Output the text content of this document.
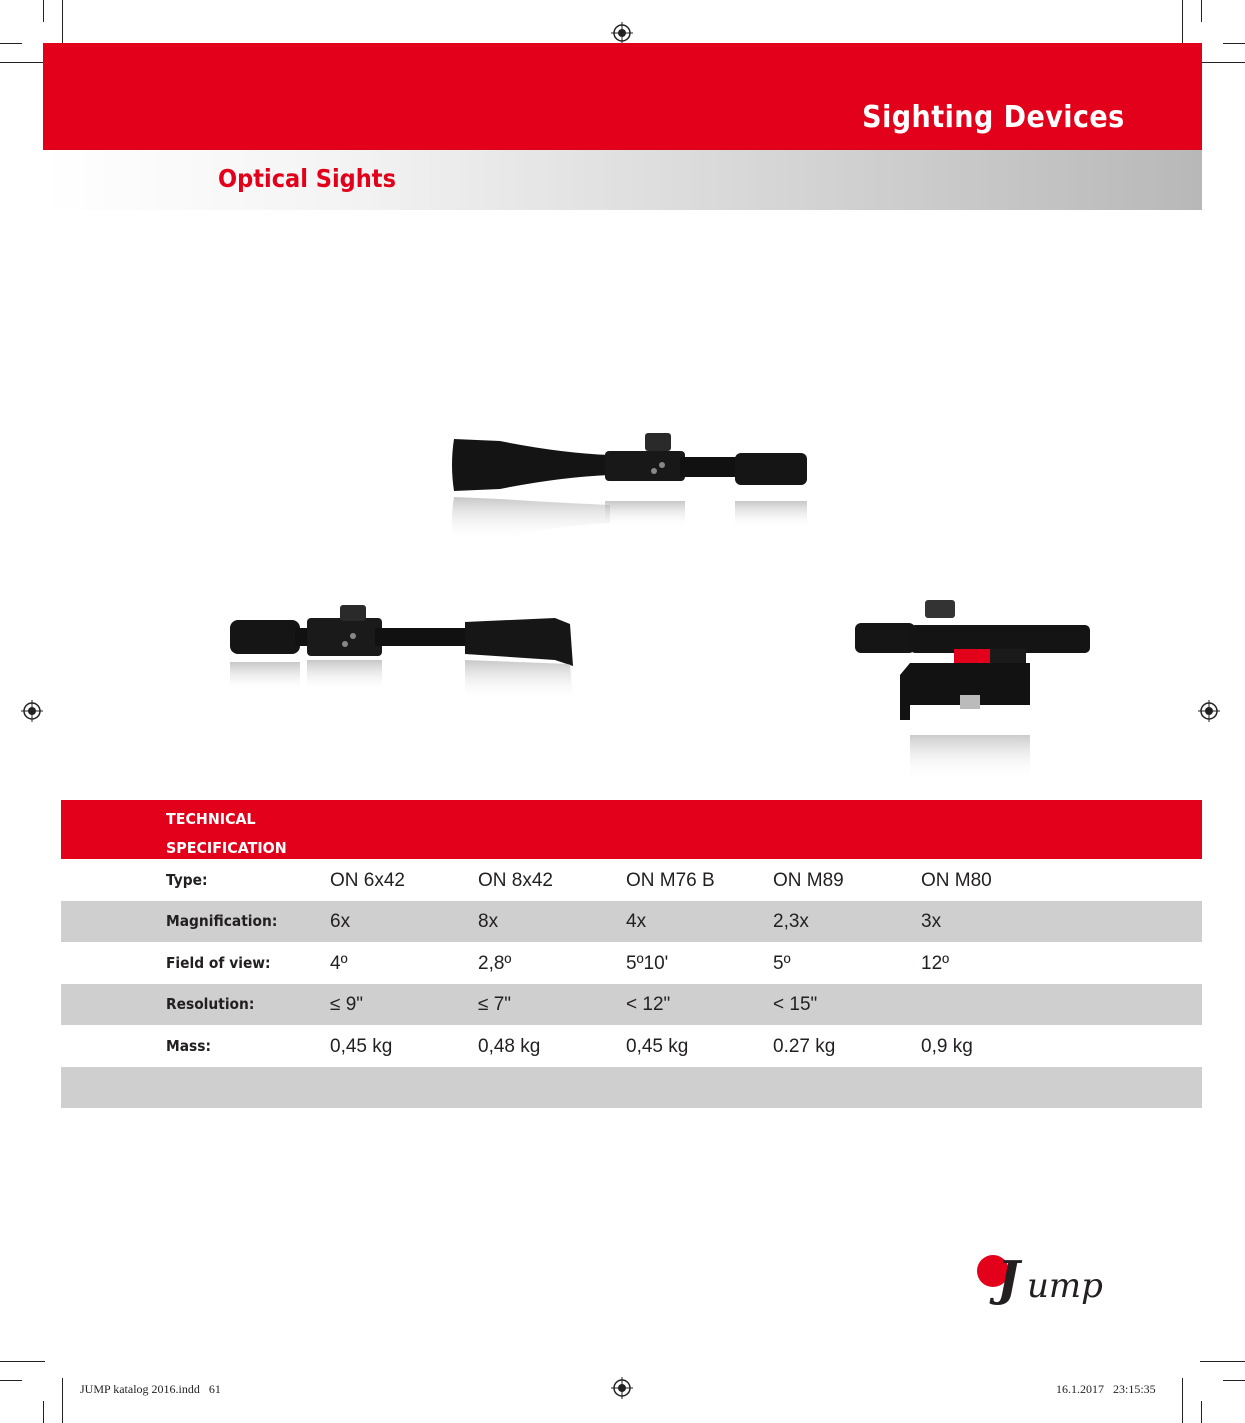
Sighting Devices
Optical Sights
TECHNICAL
SPECIFICATION
Type:	ON 6x42	ON 8x42	ON M76 B	ON M89	ON M80
Magnification:	6x	8x	4x	2,3x	3x
Field of view:	4º	2,8º	5º10'	5º	12º
Resolution:	≤ 9"	≤ 7"	< 12"	< 15"
Mass:	0,45 kg	0,48 kg	0,45 kg	0.27 kg	0,9 kg
J ump
JUMP katalog 2016.indd   61	16.1.2017   23:15:35
